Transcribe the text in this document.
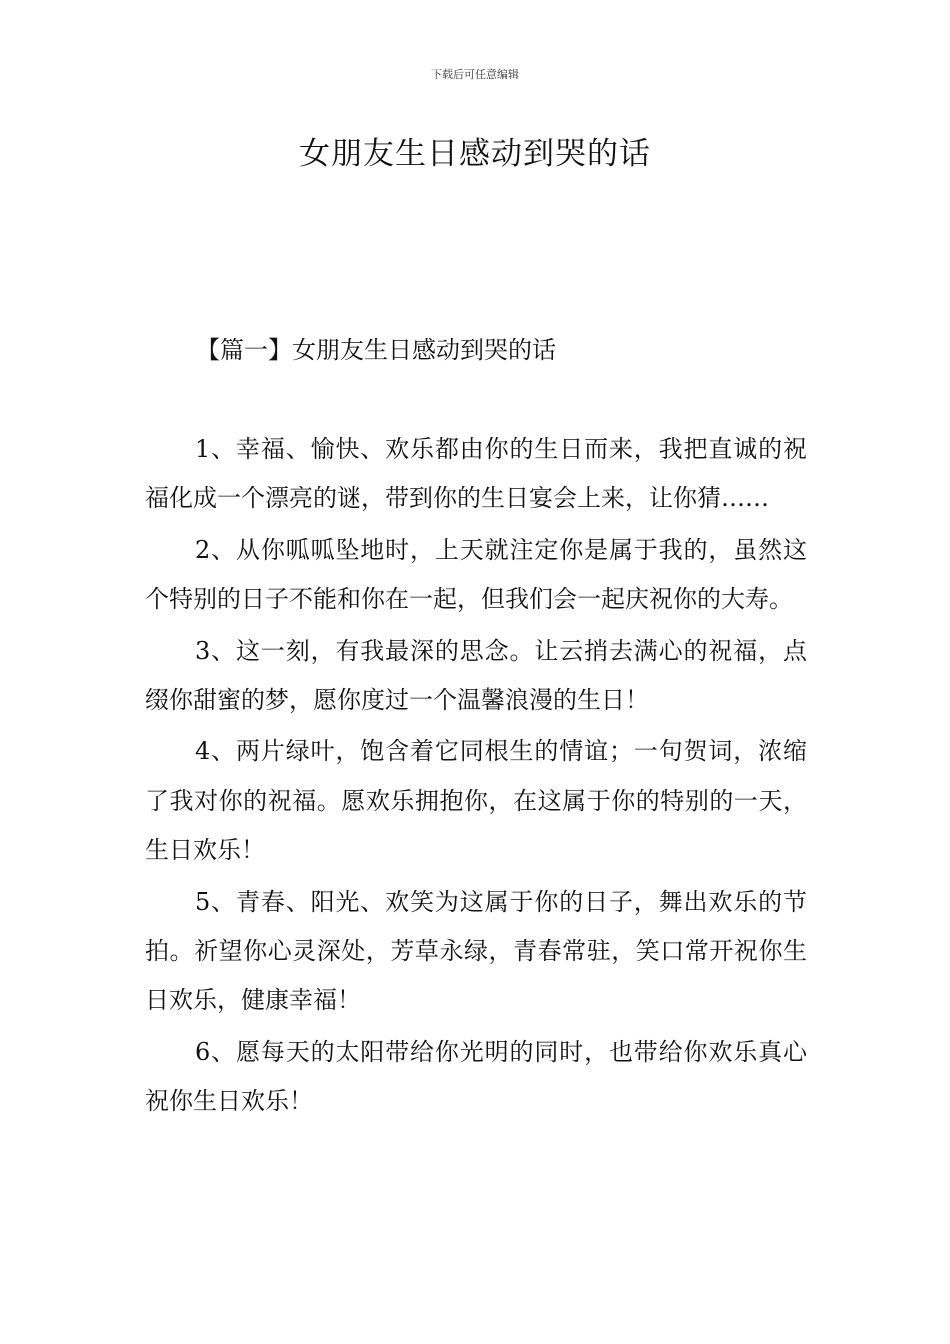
下载后可任意编辑
女朋友生日感动到哭的话
【篇一】女朋友生日感动到哭的话

1、幸福、愉快、欢乐都由你的生日而来，我把直诚的祝福化成一个漂亮的谜，带到你的生日宴会上来，让你猜……

2、从你呱呱坠地时，上天就注定你是属于我的，虽然这个特别的日子不能和你在一起，但我们会一起庆祝你的大寿。

3、这一刻，有我最深的思念。让云捎去满心的祝福，点缀你甜蜜的梦，愿你度过一个温馨浪漫的生日！

4、两片绿叶，饱含着它同根生的情谊；一句贺词，浓缩了我对你的祝福。愿欢乐拥抱你，在这属于你的特别的一天，生日欢乐！

5、青春、阳光、欢笑为这属于你的日子，舞出欢乐的节拍。祈望你心灵深处，芳草永绿，青春常驻，笑口常开祝你生日欢乐，健康幸福！

6、愿每天的太阳带给你光明的同时，也带给你欢乐真心祝你生日欢乐！
